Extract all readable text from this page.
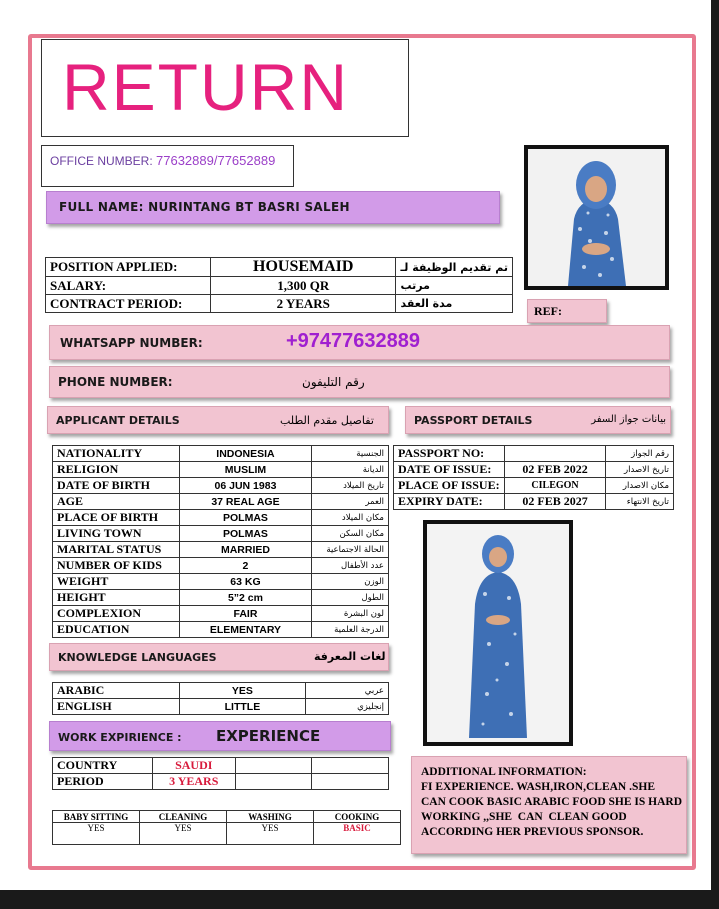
RETURN
OFFICE NUMBER: 77632889/77652889
FULL NAME: NURINTANG BT BASRI SALEH
POSITION APPLIED:	HOUSEMAID	تم تقديم الوظيفة لـ
SALARY:	1,300 QR	مرتب
CONTRACT PERIOD:	2 YEARS	مدة العقد
REF:
WHATSAPP NUMBER:	+97477632889
PHONE NUMBER:	رقم التليفون
APPLICANT DETAILS	تفاصيل مقدم الطلب	PASSPORT DETAILS	بيانات جواز السفر
NATIONALITY	INDONESIA	الجنسية
RELIGION	MUSLIM	الديانة
DATE OF BIRTH	06 JUN 1983	تاريخ الميلاد
AGE	37 REAL AGE	العمر
PLACE OF BIRTH	POLMAS	مكان الميلاد
LIVING TOWN	POLMAS	مكان السكن
MARITAL STATUS	MARRIED	الحالة الاجتماعية
NUMBER OF KIDS	2	عدد الأطفال
WEIGHT	63 KG	الوزن
HEIGHT	5”2 cm	الطول
COMPLEXION	FAIR	لون البشرة
EDUCATION	ELEMENTARY	الدرجة العلمية
PASSPORT NO:		رقم الجواز
DATE OF ISSUE:	02 FEB 2022	تاريخ الاصدار
PLACE OF ISSUE:	CILEGON	مكان الاصدار
EXPIRY DATE:	02 FEB 2027	تاريخ الانتهاء
KNOWLEDGE LANGUAGES	لغات المعرفة
ARABIC	YES	عربي
ENGLISH	LITTLE	إنجليزي
WORK EXPIRIENCE : EXPERIENCE
COUNTRY	SAUDI		
PERIOD	3 YEARS		
BABY SITTING	CLEANING	WASHING	COOKING
YES	YES	YES	BASIC
ADDITIONAL INFORMATION:
FI EXPERIENCE. WASH,IRON,CLEAN .SHE  CAN COOK BASIC ARABIC FOOD SHE IS HARD WORKING ,,SHE  CAN  CLEAN GOOD ACCORDING HER PREVIOUS SPONSOR.
